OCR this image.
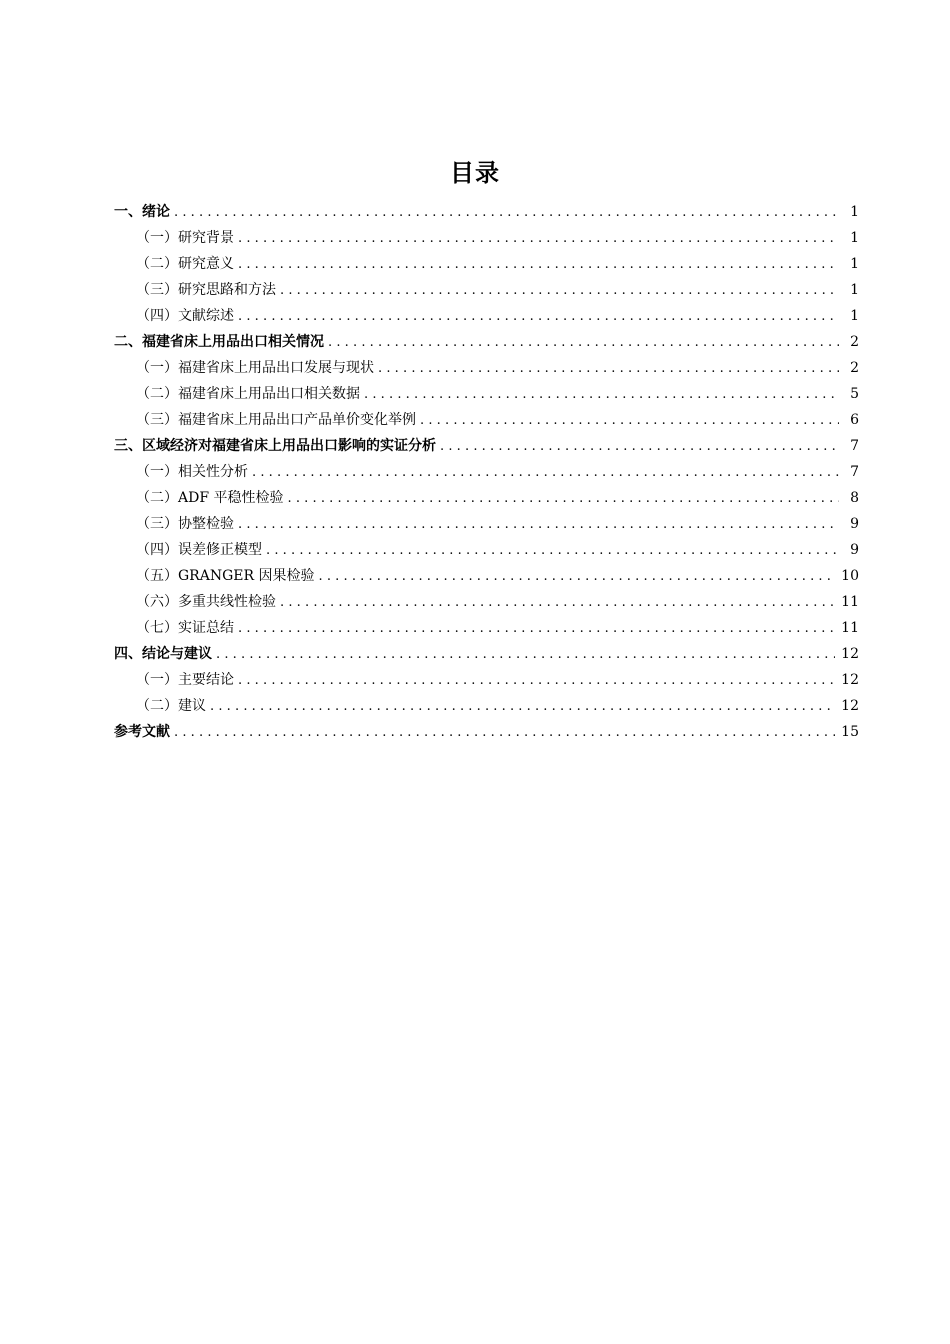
目录
一、绪论 .....	1
（一）研究背景 .....	1
（二）研究意义 .....	1
（三）研究思路和方法 .....	1
（四）文献综述 .....	1
二、福建省床上用品出口相关情况 .....	2
（一）福建省床上用品出口发展与现状 .....	2
（二）福建省床上用品出口相关数据 .....	5
（三）福建省床上用品出口产品单价变化举例 .....	6
三、区域经济对福建省床上用品出口影响的实证分析 .....	7
（一）相关性分析 .....	7
（二）ADF 平稳性检验 .....	8
（三）协整检验 .....	9
（四）误差修正模型 .....	9
（五）GRANGER 因果检验 .....	10
（六）多重共线性检验 .....	11
（七）实证总结 .....	11
四、结论与建议 .....	12
（一）主要结论 .....	12
（二）建议 .....	12
参考文献 .....	15
